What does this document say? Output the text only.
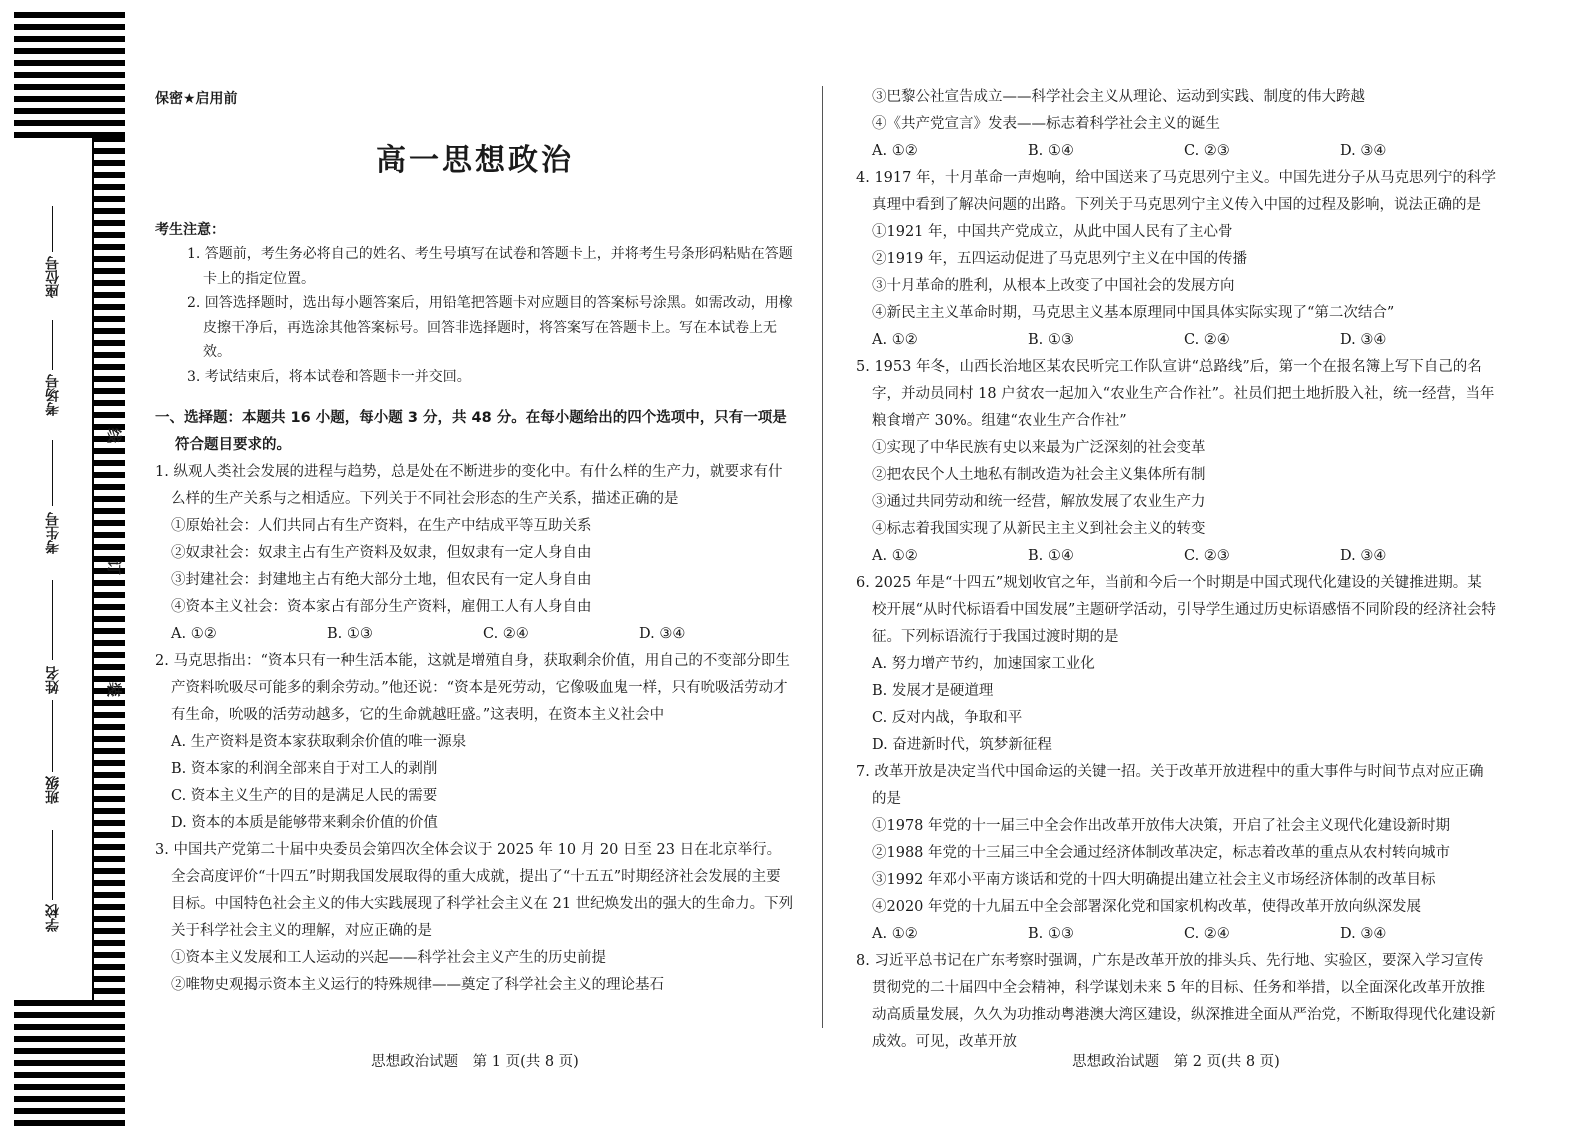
座位号
考场号
考生号
姓名
班级
学校
线
订
装
保密★启用前
高一思想政治
考生注意：
1. 答题前，考生务必将自己的姓名、考生号填写在试卷和答题卡上，并将考生号条形码粘贴在答题卡上的指定位置。
2. 回答选择题时，选出每小题答案后，用铅笔把答题卡对应题目的答案标号涂黑。如需改动，用橡皮擦干净后，再选涂其他答案标号。回答非选择题时，将答案写在答题卡上。写在本试卷上无效。
3. 考试结束后，将本试卷和答题卡一并交回。
一、选择题：本题共 16 小题，每小题 3 分，共 48 分。在每小题给出的四个选项中，只有一项是符合题目要求的。
1. 纵观人类社会发展的进程与趋势，总是处在不断进步的变化中。有什么样的生产力，就要求有什么样的生产关系与之相适应。下列关于不同社会形态的生产关系，描述正确的是
①原始社会：人们共同占有生产资料，在生产中结成平等互助关系
②奴隶社会：奴隶主占有生产资料及奴隶，但奴隶有一定人身自由
③封建社会：封建地主占有绝大部分土地，但农民有一定人身自由
④资本主义社会：资本家占有部分生产资料，雇佣工人有人身自由
A. ①②	B. ①③	C. ②④	D. ③④
2. 马克思指出：“资本只有一种生活本能，这就是增殖自身，获取剩余价值，用自己的不变部分即生产资料吮吸尽可能多的剩余劳动。”他还说：“资本是死劳动，它像吸血鬼一样，只有吮吸活劳动才有生命，吮吸的活劳动越多，它的生命就越旺盛。”这表明，在资本主义社会中
A. 生产资料是资本家获取剩余价值的唯一源泉
B. 资本家的利润全部来自于对工人的剥削
C. 资本主义生产的目的是满足人民的需要
D. 资本的本质是能够带来剩余价值的价值
3. 中国共产党第二十届中央委员会第四次全体会议于 2025 年 10 月 20 日至 23 日在北京举行。全会高度评价“十四五”时期我国发展取得的重大成就，提出了“十五五”时期经济社会发展的主要目标。中国特色社会主义的伟大实践展现了科学社会主义在 21 世纪焕发出的强大的生命力。下列关于科学社会主义的理解，对应正确的是
①资本主义发展和工人运动的兴起——科学社会主义产生的历史前提
②唯物史观揭示资本主义运行的特殊规律——奠定了科学社会主义的理论基石
③巴黎公社宣告成立——科学社会主义从理论、运动到实践、制度的伟大跨越
④《共产党宣言》发表——标志着科学社会主义的诞生
A. ①②	B. ①④	C. ②③	D. ③④
4. 1917 年，十月革命一声炮响，给中国送来了马克思列宁主义。中国先进分子从马克思列宁的科学真理中看到了解决问题的出路。下列关于马克思列宁主义传入中国的过程及影响，说法正确的是
①1921 年，中国共产党成立，从此中国人民有了主心骨
②1919 年，五四运动促进了马克思列宁主义在中国的传播
③十月革命的胜利，从根本上改变了中国社会的发展方向
④新民主主义革命时期，马克思主义基本原理同中国具体实际实现了“第二次结合”
A. ①②	B. ①③	C. ②④	D. ③④
5. 1953 年冬，山西长治地区某农民听完工作队宣讲“总路线”后，第一个在报名簿上写下自己的名字，并动员同村 18 户贫农一起加入“农业生产合作社”。社员们把土地折股入社，统一经营，当年粮食增产 30%。组建“农业生产合作社”
①实现了中华民族有史以来最为广泛深刻的社会变革
②把农民个人土地私有制改造为社会主义集体所有制
③通过共同劳动和统一经营，解放发展了农业生产力
④标志着我国实现了从新民主主义到社会主义的转变
A. ①②	B. ①④	C. ②③	D. ③④
6. 2025 年是“十四五”规划收官之年，当前和今后一个时期是中国式现代化建设的关键推进期。某校开展“从时代标语看中国发展”主题研学活动，引导学生通过历史标语感悟不同阶段的经济社会特征。下列标语流行于我国过渡时期的是
A. 努力增产节约，加速国家工业化
B. 发展才是硬道理
C. 反对内战，争取和平
D. 奋进新时代，筑梦新征程
7. 改革开放是决定当代中国命运的关键一招。关于改革开放进程中的重大事件与时间节点对应正确的是
①1978 年党的十一届三中全会作出改革开放伟大决策，开启了社会主义现代化建设新时期
②1988 年党的十三届三中全会通过经济体制改革决定，标志着改革的重点从农村转向城市
③1992 年邓小平南方谈话和党的十四大明确提出建立社会主义市场经济体制的改革目标
④2020 年党的十九届五中全会部署深化党和国家机构改革，使得改革开放向纵深发展
A. ①②	B. ①③	C. ②④	D. ③④
8. 习近平总书记在广东考察时强调，广东是改革开放的排头兵、先行地、实验区，要深入学习宣传贯彻党的二十届四中全会精神，科学谋划未来 5 年的目标、任务和举措，以全面深化改革开放推动高质量发展，久久为功推动粤港澳大湾区建设，纵深推进全面从严治党，不断取得现代化建设新成效。可见，改革开放
思想政治试题　第 1 页(共 8 页)	思想政治试题　第 2 页(共 8 页)
